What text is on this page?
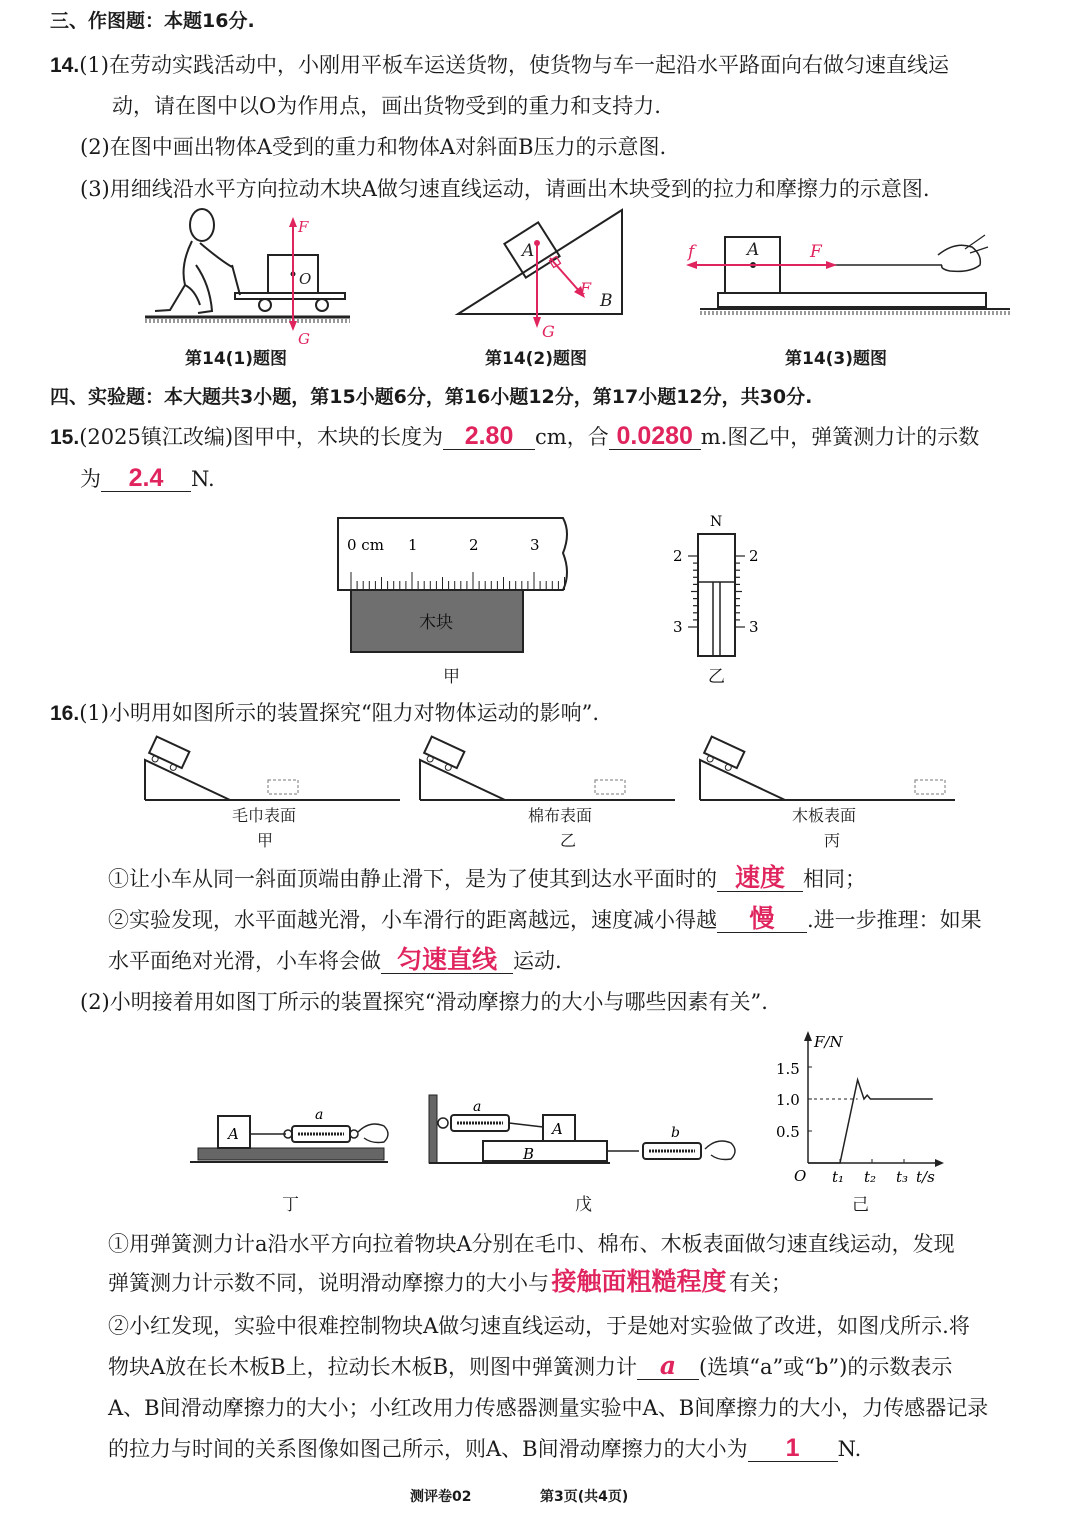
三、作图题：本题16分.
14.(1)在劳动实践活动中，小刚用平板车运送货物，使货物与车一起沿水平路面向右做匀速直线运
动，请在图中以O为作用点，画出货物受到的重力和支持力.
(2)在图中画出物体A受到的重力和物体A对斜面B压力的示意图.
(3)用细线沿水平方向拉动木块A做匀速直线运动，请画出木块受到的拉力和摩擦力的示意图.
F
O
G
第14(1)题图
A
F
B
G
第14(2)题图
f	A	F
第14(3)题图
四、实验题：本大题共3小题，第15小题6分，第16小题12分，第17小题12分，共30分.
15.(2025镇江改编)图甲中，木块的长度为 2.80 cm，合 0.0280 m.图乙中，弹簧测力计的示数
为 2.4 N.
0 cm 1	2	3
木块
甲
N
2	2
3	3
乙
16.(1)小明用如图所示的装置探究“阻力对物体运动的影响”.
毛巾表面
甲
棉布表面
乙
木板表面
丙
①让小车从同一斜面顶端由静止滑下，是为了使其到达水平面时的 速度 相同；
②实验发现，水平面越光滑，小车滑行的距离越远，速度减小得越 慢 .进一步推理：如果
水平面绝对光滑，小车将会做 匀速直线 运动.
(2)小明接着用如图丁所示的装置探究“滑动摩擦力的大小与哪些因素有关”.
A
a
丁
a
A
B
b
戊
F/N
1.5
1.0
0.5
O t₁ t₂ t₃ t/s
己
①用弹簧测力计a沿水平方向拉着物块A分别在毛巾、棉布、木板表面做匀速直线运动，发现
弹簧测力计示数不同，说明滑动摩擦力的大小与接触面粗糙程度 有关；
②小红发现，实验中很难控制物块A做匀速直线运动，于是她对实验做了改进，如图戊所示.将
物块A放在长木板B上，拉动长木板B，则图中弹簧测力计 a (选填“a”或“b”)的示数表示
A、B间滑动摩擦力的大小；小红改用力传感器测量实验中A、B间摩擦力的大小，力传感器记录
的拉力与时间的关系图像如图己所示，则A、B间滑动摩擦力的大小为 1 N.
测评卷02	第3页(共4页)
